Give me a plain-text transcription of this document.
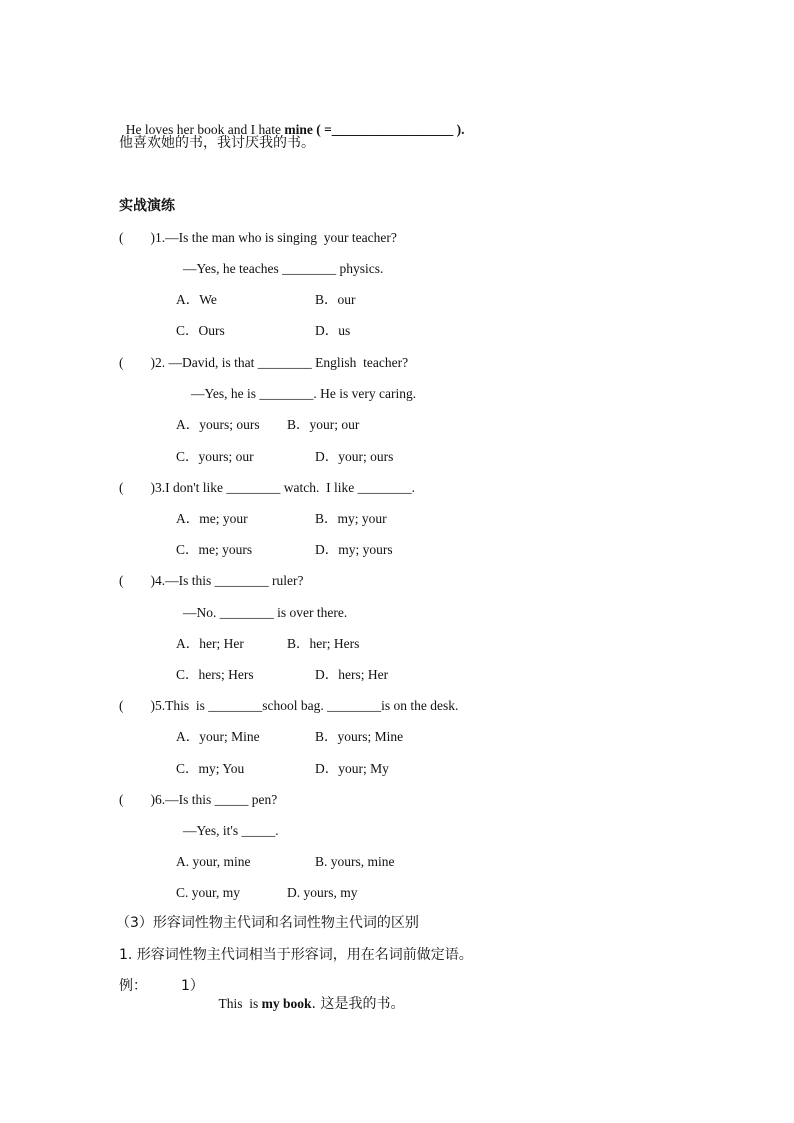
He loves her book and I hate mine ( =__________________ ).

他喜欢她的书，我讨厌我的书。
实战演练
(        )1.—Is the man who is singing  your teacher?
—Yes, he teaches ________ physics.
A．We	B．our
C．Ours	D．us
(        )2. —David, is that ________ English  teacher?
—Yes, he is ________. He is very caring.
A．yours; ours B．your; our
C．yours; our	D．your; ours
(        )3.I don't like ________ watch.  I like ________.
A．me; your	B．my; your
C．me; yours	D．my; yours
(        )4.—Is this ________ ruler?
—No. ________ is over there.
A．her; Her	B．her; Hers
C．hers; Hers	D．hers; Her
(        )5.This  is ________school bag. ________is on the desk.
A．your; Mine	B．yours; Mine
C．my; You	D．your; My
(        )6.—Is this _____ pen?
—Yes, it's _____.
A. your, mine	B. yours, mine
C. your, my	D. yours, my
（3）形容词性物主代词和名词性物主代词的区别
1. 形容词性物主代词相当于形容词，用在名词前做定语。
例： 1）

This  is my book. 这是我的书。
